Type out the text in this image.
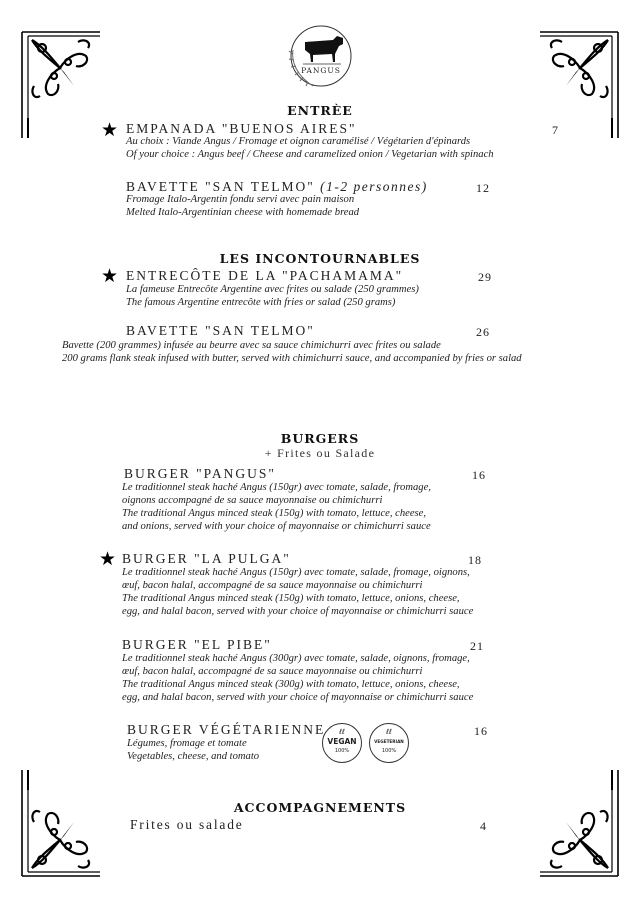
PANGUS
ENTRÈE
★ EMPANADA "BUENOS AIRES"	7
Au choix : Viande Angus / Fromage et oignon caramélisé / Végétarien d'épinards
Of your choice : Angus beef / Cheese and caramelized onion / Vegetarian with spinach
BAVETTE "SAN TELMO" (1-2 personnes)	12
Fromage Italo-Argentin fondu servi avec pain maison
Melted Italo-Argentinian cheese with homemade bread
LES INCONTOURNABLES
★ ENTRECÔTE DE LA "PACHAMAMA"	29
La fameuse Entrecôte Argentine avec frites ou salade (250 grammes)
The famous Argentine entrecôte with fries or salad (250 grams)
BAVETTE "SAN TELMO"	26
Bavette (200 grammes) infusée au beurre avec sa sauce chimichurri avec frites ou salade
200 grams flank steak infused with butter, served with chimichurri sauce, and accompanied by fries or salad
BURGERS
+ Frites ou Salade
BURGER "PANGUS"	16
Le traditionnel steak haché Angus (150gr) avec tomate, salade, fromage,
oignons accompagné de sa sauce mayonnaise ou chimichurri
The traditional Angus minced steak (150g) with tomato, lettuce, cheese,
and onions, served with your choice of mayonnaise or chimichurri sauce
★ BURGER "LA PULGA"	18
Le traditionnel steak haché Angus (150gr) avec tomate, salade, fromage, oignons,
œuf, bacon halal, accompagné de sa sauce mayonnaise ou chimichurri
The traditional Angus minced steak (150g) with tomato, lettuce, onions, cheese,
egg, and halal bacon, served with your choice of mayonnaise or chimichurri sauce
BURGER "EL PIBE"	21
Le traditionnel steak haché Angus (300gr) avec tomate, salade, oignons, fromage,
œuf, bacon halal, accompagné de sa sauce mayonnaise ou chimichurri
The traditional Angus minced steak (300g) with tomato, lettuce, onions, cheese,
egg, and halal bacon, served with your choice of mayonnaise or chimichurri sauce
BURGER VÉGÉTARIENNE	16
Légumes, fromage et tomate
Vegetables, cheese, and tomato
ℓℓ
VEGAN
100%
ℓℓ
VEGETERIAN
100%
ACCOMPAGNEMENTS
Frites ou salade	4
